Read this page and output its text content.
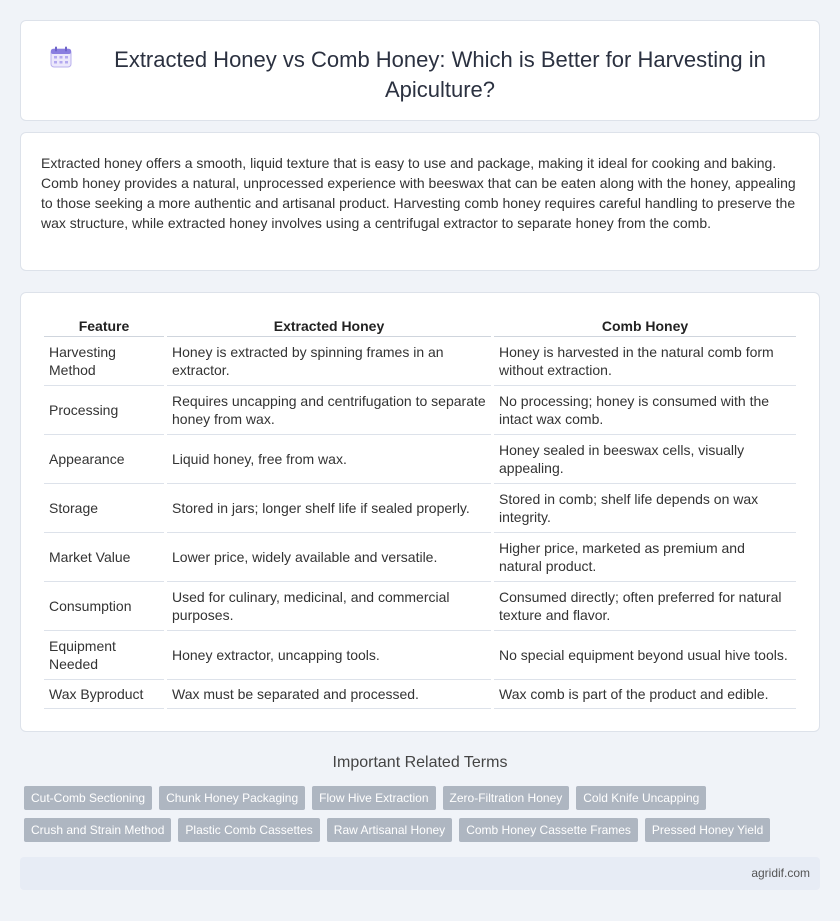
Extracted Honey vs Comb Honey: Which is Better for Harvesting in Apiculture?

Extracted honey offers a smooth, liquid texture that is easy to use and package, making it ideal for cooking and baking. Comb honey provides a natural, unprocessed experience with beeswax that can be eaten along with the honey, appealing to those seeking a more authentic and artisanal product. Harvesting comb honey requires careful handling to preserve the wax structure, while extracted honey involves using a centrifugal extractor to separate honey from the comb.

Feature	Extracted Honey	Comb Honey
Harvesting Method	Honey is extracted by spinning frames in an extractor.	Honey is harvested in the natural comb form without extraction.
Processing	Requires uncapping and centrifugation to separate honey from wax.	No processing; honey is consumed with the intact wax comb.
Appearance	Liquid honey, free from wax.	Honey sealed in beeswax cells, visually appealing.
Storage	Stored in jars; longer shelf life if sealed properly.	Stored in comb; shelf life depends on wax integrity.
Market Value	Lower price, widely available and versatile.	Higher price, marketed as premium and natural product.
Consumption	Used for culinary, medicinal, and commercial purposes.	Consumed directly; often preferred for natural texture and flavor.
Equipment Needed	Honey extractor, uncapping tools.	No special equipment beyond usual hive tools.
Wax Byproduct	Wax must be separated and processed.	Wax comb is part of the product and edible.
Important Related Terms
Cut-Comb Sectioning	Chunk Honey Packaging	Flow Hive Extraction	Zero-Filtration Honey	Cold Knife Uncapping
Crush and Strain Method	Plastic Comb Cassettes	Raw Artisanal Honey	Comb Honey Cassette Frames	Pressed Honey Yield
agridif.com
